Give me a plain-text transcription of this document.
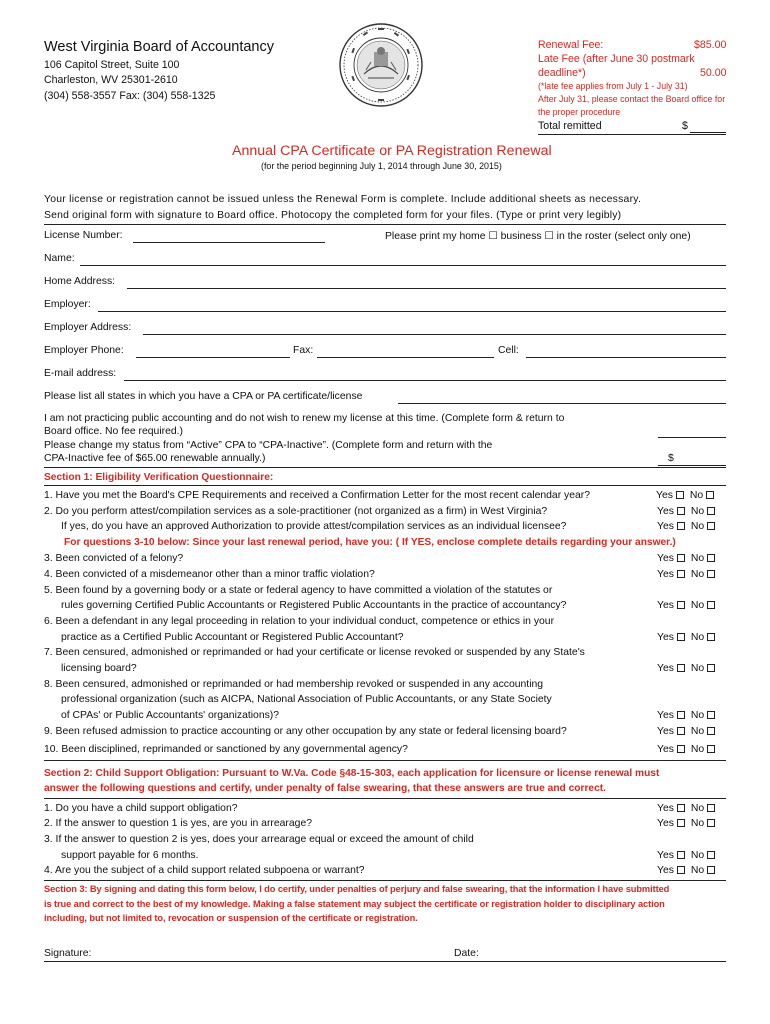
West Virginia Board of Accountancy
106 Capitol Street, Suite 100
Charleston, WV 25301-2610
(304) 558-3557 Fax: (304) 558-1325
Renewal Fee:	$85.00
Late Fee (after June 30 postmark
deadline*)	50.00
(*late fee applies from July 1 - July 31)
After July 31, please contact the Board office for
the proper procedure
Total remitted	$
Annual CPA Certificate or PA Registration Renewal
(for the period beginning July 1, 2014 through June 30, 2015)
Your license or registration cannot be issued unless the Renewal Form is complete. Include additional sheets as necessary.
Send original form with signature to Board office. Photocopy the completed form for your files. (Type or print very legibly)
License Number:	Please print my home ☐ business ☐ in the roster (select only one)
Name:
Home Address:
Employer:
Employer Address:
Employer Phone:	Fax:	Cell:
E-mail address:
Please list all states in which you have a CPA or PA certificate/license
I am not practicing public accounting and do not wish to renew my license at this time. (Complete form & return to
Board office. No fee required.)
Please change my status from “Active” CPA to “CPA-Inactive”. (Complete form and return with the
CPA-Inactive fee of $65.00 renewable annually.)	$
Section 1: Eligibility Verification Questionnaire:
1. Have you met the Board's CPE Requirements and received a Confirmation Letter for the most recent calendar year?	Yes No
2. Do you perform attest/compilation services as a sole-practitioner (not organized as a firm) in West Virginia?	Yes No
If yes, do you have an approved Authorization to provide attest/compilation services as an individual licensee?	Yes No
For questions 3-10 below: Since your last renewal period, have you: ( If YES, enclose complete details regarding your answer.)
3. Been convicted of a felony?	Yes No
4. Been convicted of a misdemeanor other than a minor traffic violation?	Yes No
5. Been found by a governing body or a state or federal agency to have committed a violation of the statutes or
rules governing Certified Public Accountants or Registered Public Accountants in the practice of accountancy?	Yes No
6. Been a defendant in any legal proceeding in relation to your individual conduct, competence or ethics in your
practice as a Certified Public Accountant or Registered Public Accountant?	Yes No
7. Been censured, admonished or reprimanded or had your certificate or license revoked or suspended by any State's
licensing board?	Yes No
8. Been censured, admonished or reprimanded or had membership revoked or suspended in any accounting
professional organization (such as AICPA, National Association of Public Accountants, or any State Society
of CPAs' or Public Accountants' organizations)?	Yes No
9. Been refused admission to practice accounting or any other occupation by any state or federal licensing board?	Yes No
10. Been disciplined, reprimanded or sanctioned by any governmental agency?	Yes No
Section 2: Child Support Obligation: Pursuant to W.Va. Code §48-15-303, each application for licensure or license renewal must
answer the following questions and certify, under penalty of false swearing, that these answers are true and correct.
1. Do you have a child support obligation?	Yes No
2. If the answer to question 1 is yes, are you in arrearage?	Yes No
3. If the answer to question 2 is yes, does your arrearage equal or exceed the amount of child
support payable for 6 months.	Yes No
4. Are you the subject of a child support related subpoena or warrant?	Yes No
Section 3: By signing and dating this form below, I do certify, under penalties of perjury and false swearing, that the information I have submitted
is true and correct to the best of my knowledge. Making a false statement may subject the certificate or registration holder to disciplinary action
including, but not limited to, revocation or suspension of the certificate or registration.
Signature:	Date:
